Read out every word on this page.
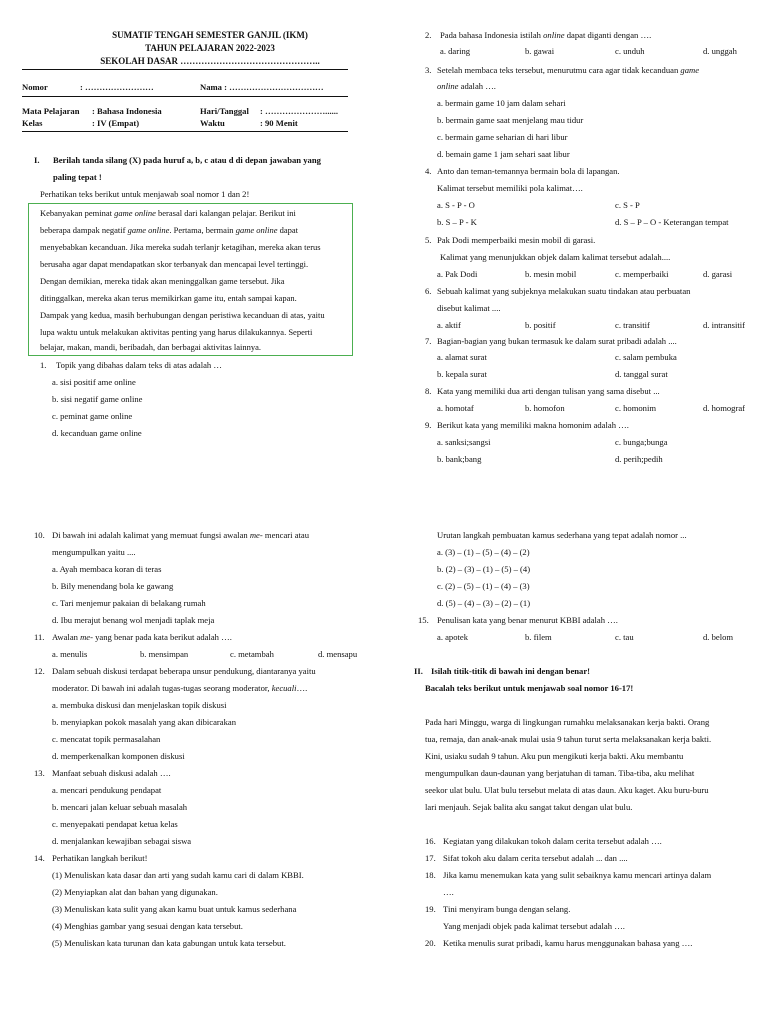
SUMATIF TENGAH SEMESTER GANJIL (IKM)
TAHUN PELAJARAN 2022-2023
SEKOLAH DASAR ………………………………………..
Nomor	: ……………………	Nama : ……………………………
Mata Pelajaran : Bahasa Indonesia	Hari/Tanggal : …………………......
Kelas	: IV (Empat)	Waktu	: 90 Menit
I. Berilah tanda silang (X) pada huruf a, b, c atau d di depan jawaban yang
paling tepat !
Perhatikan teks berikut untuk menjawab soal nomor 1 dan 2!
Kebanyakan peminat game online berasal dari kalangan pelajar. Berikut ini
beberapa dampak negatif game online. Pertama, bermain game online dapat
menyebabkan kecanduan. Jika mereka sudah terlanjr ketagihan, mereka akan terus
berusaha agar dapat mendapatkan skor terbanyak dan mencapai level tertinggi.
Dengan demikian, mereka tidak akan meninggalkan game tersebut. Jika
ditinggalkan, mereka akan terus memikirkan game itu, entah sampai kapan.
Dampak yang kedua, masih berhubungan dengan peristiwa kecanduan di atas, yaitu
lupa waktu untuk melakukan aktivitas penting yang harus dilakukannya. Seperti
belajar, makan, mandi, beribadah, dan berbagai aktivitas lainnya.
1. Topik yang dibahas dalam teks di atas adalah …
a. sisi positif ame online
b. sisi negatif game online
c. peminat game online
d. kecanduan game online
2. Pada bahasa Indonesia istilah online dapat diganti dengan ….
a. daring	b. gawai	c. unduh	d. unggah
3. Setelah membaca teks tersebut, menurutmu cara agar tidak kecanduan game
online adalah ….
a. bermain game 10 jam dalam sehari
b. bermain game saat menjelang mau tidur
c. bermain game seharian di hari libur
d. bemain game 1 jam sehari saat libur
4. Anto dan teman-temannya bermain bola di lapangan.
Kalimat tersebut memiliki pola kalimat….
a. S - P - O	c. S - P
b. S – P - K	d. S – P – O - Keterangan tempat
5. Pak Dodi memperbaiki mesin mobil di garasi.
Kalimat yang menunjukkan objek dalam kalimat tersebut adalah....
a. Pak Dodi	b. mesin mobil	c. memperbaiki	d. garasi
6. Sebuah kalimat yang subjeknya melakukan suatu tindakan atau perbuatan
disebut kalimat ....
a. aktif	b. positif	c. transitif	d. intransitif
7. Bagian-bagian yang bukan termasuk ke dalam surat pribadi adalah ....
a. alamat surat	c. salam pembuka
b. kepala surat	d. tanggal surat
8. Kata yang memiliki dua arti dengan tulisan yang sama disebut ...
a. homotaf	b. homofon	c. homonim	d. homograf
9. Berikut kata yang memiliki makna homonim adalah ….
a. sanksi;sangsi	c. bunga;bunga
b. bank;bang	d. perih;pedih
10. Di bawah ini adalah kalimat yang memuat fungsi awalan me- mencari atau
mengumpulkan yaitu ....
a. Ayah membaca koran di teras
b. Bily menendang bola ke gawang
c. Tari menjemur pakaian di belakang rumah
d. Ibu merajut benang wol menjadi taplak meja
11. Awalan me- yang benar pada kata berikut adalah ….
a. menulis	b. mensimpan	c. metambah	d. mensapu
12. Dalam sebuah diskusi terdapat beberapa unsur pendukung, diantaranya yaitu
moderator. Di bawah ini adalah tugas-tugas seorang moderator, kecuali….
a. membuka diskusi dan menjelaskan topik diskusi
b. menyiapkan pokok masalah yang akan dibicarakan
c. mencatat topik permasalahan
d. memperkenalkan komponen diskusi
13. Manfaat sebuah diskusi adalah ….
a. mencari pendukung pendapat
b. mencari jalan keluar sebuah masalah
c. menyepakati pendapat ketua kelas
d. menjalankan kewajiban sebagai siswa
14. Perhatikan langkah berikut!
(1) Menuliskan kata dasar dan arti yang sudah kamu cari di dalam KBBI.
(2) Menyiapkan alat dan bahan yang digunakan.
(3) Menuliskan kata sulit yang akan kamu buat untuk kamus sederhana
(4) Menghias gambar yang sesuai dengan kata tersebut.
(5) Menuliskan kata turunan dan kata gabungan untuk kata tersebut.
Urutan langkah pembuatan kamus sederhana yang tepat adalah nomor ...
a. (3) – (1) – (5) – (4) – (2)
b. (2) – (3) – (1) – (5) – (4)
c. (2) – (5) – (1) – (4) – (3)
d. (5) – (4) – (3) – (2) – (1)
15. Penulisan kata yang benar menurut KBBI adalah ….
a. apotek	b. filem	c. tau	d. belom
II. Isilah titik-titik di bawah ini dengan benar!
Bacalah teks berikut untuk menjawab soal nomor 16-17!
Pada hari Minggu, warga di lingkungan rumahku melaksanakan kerja bakti. Orang
tua, remaja, dan anak-anak mulai usia 9 tahun turut serta melaksanakan kerja bakti.
Kini, usiaku sudah 9 tahun. Aku pun mengikuti kerja bakti. Aku membantu
mengumpulkan daun-daunan yang berjatuhan di taman. Tiba-tiba, aku melihat
seekor ulat bulu. Ulat bulu tersebut melata di atas daun. Aku kaget. Aku buru-buru
lari menjauh. Sejak balita aku sangat takut dengan ulat bulu.
16. Kegiatan yang dilakukan tokoh dalam cerita tersebut adalah ….
17. Sifat tokoh aku dalam cerita tersebut adalah ... dan ....
18. Jika kamu menemukan kata yang sulit sebaiknya kamu mencari artinya dalam
….
19. Tini menyiram bunga dengan selang.
Yang menjadi objek pada kalimat tersebut adalah ….
20. Ketika menulis surat pribadi, kamu harus menggunakan bahasa yang ….
